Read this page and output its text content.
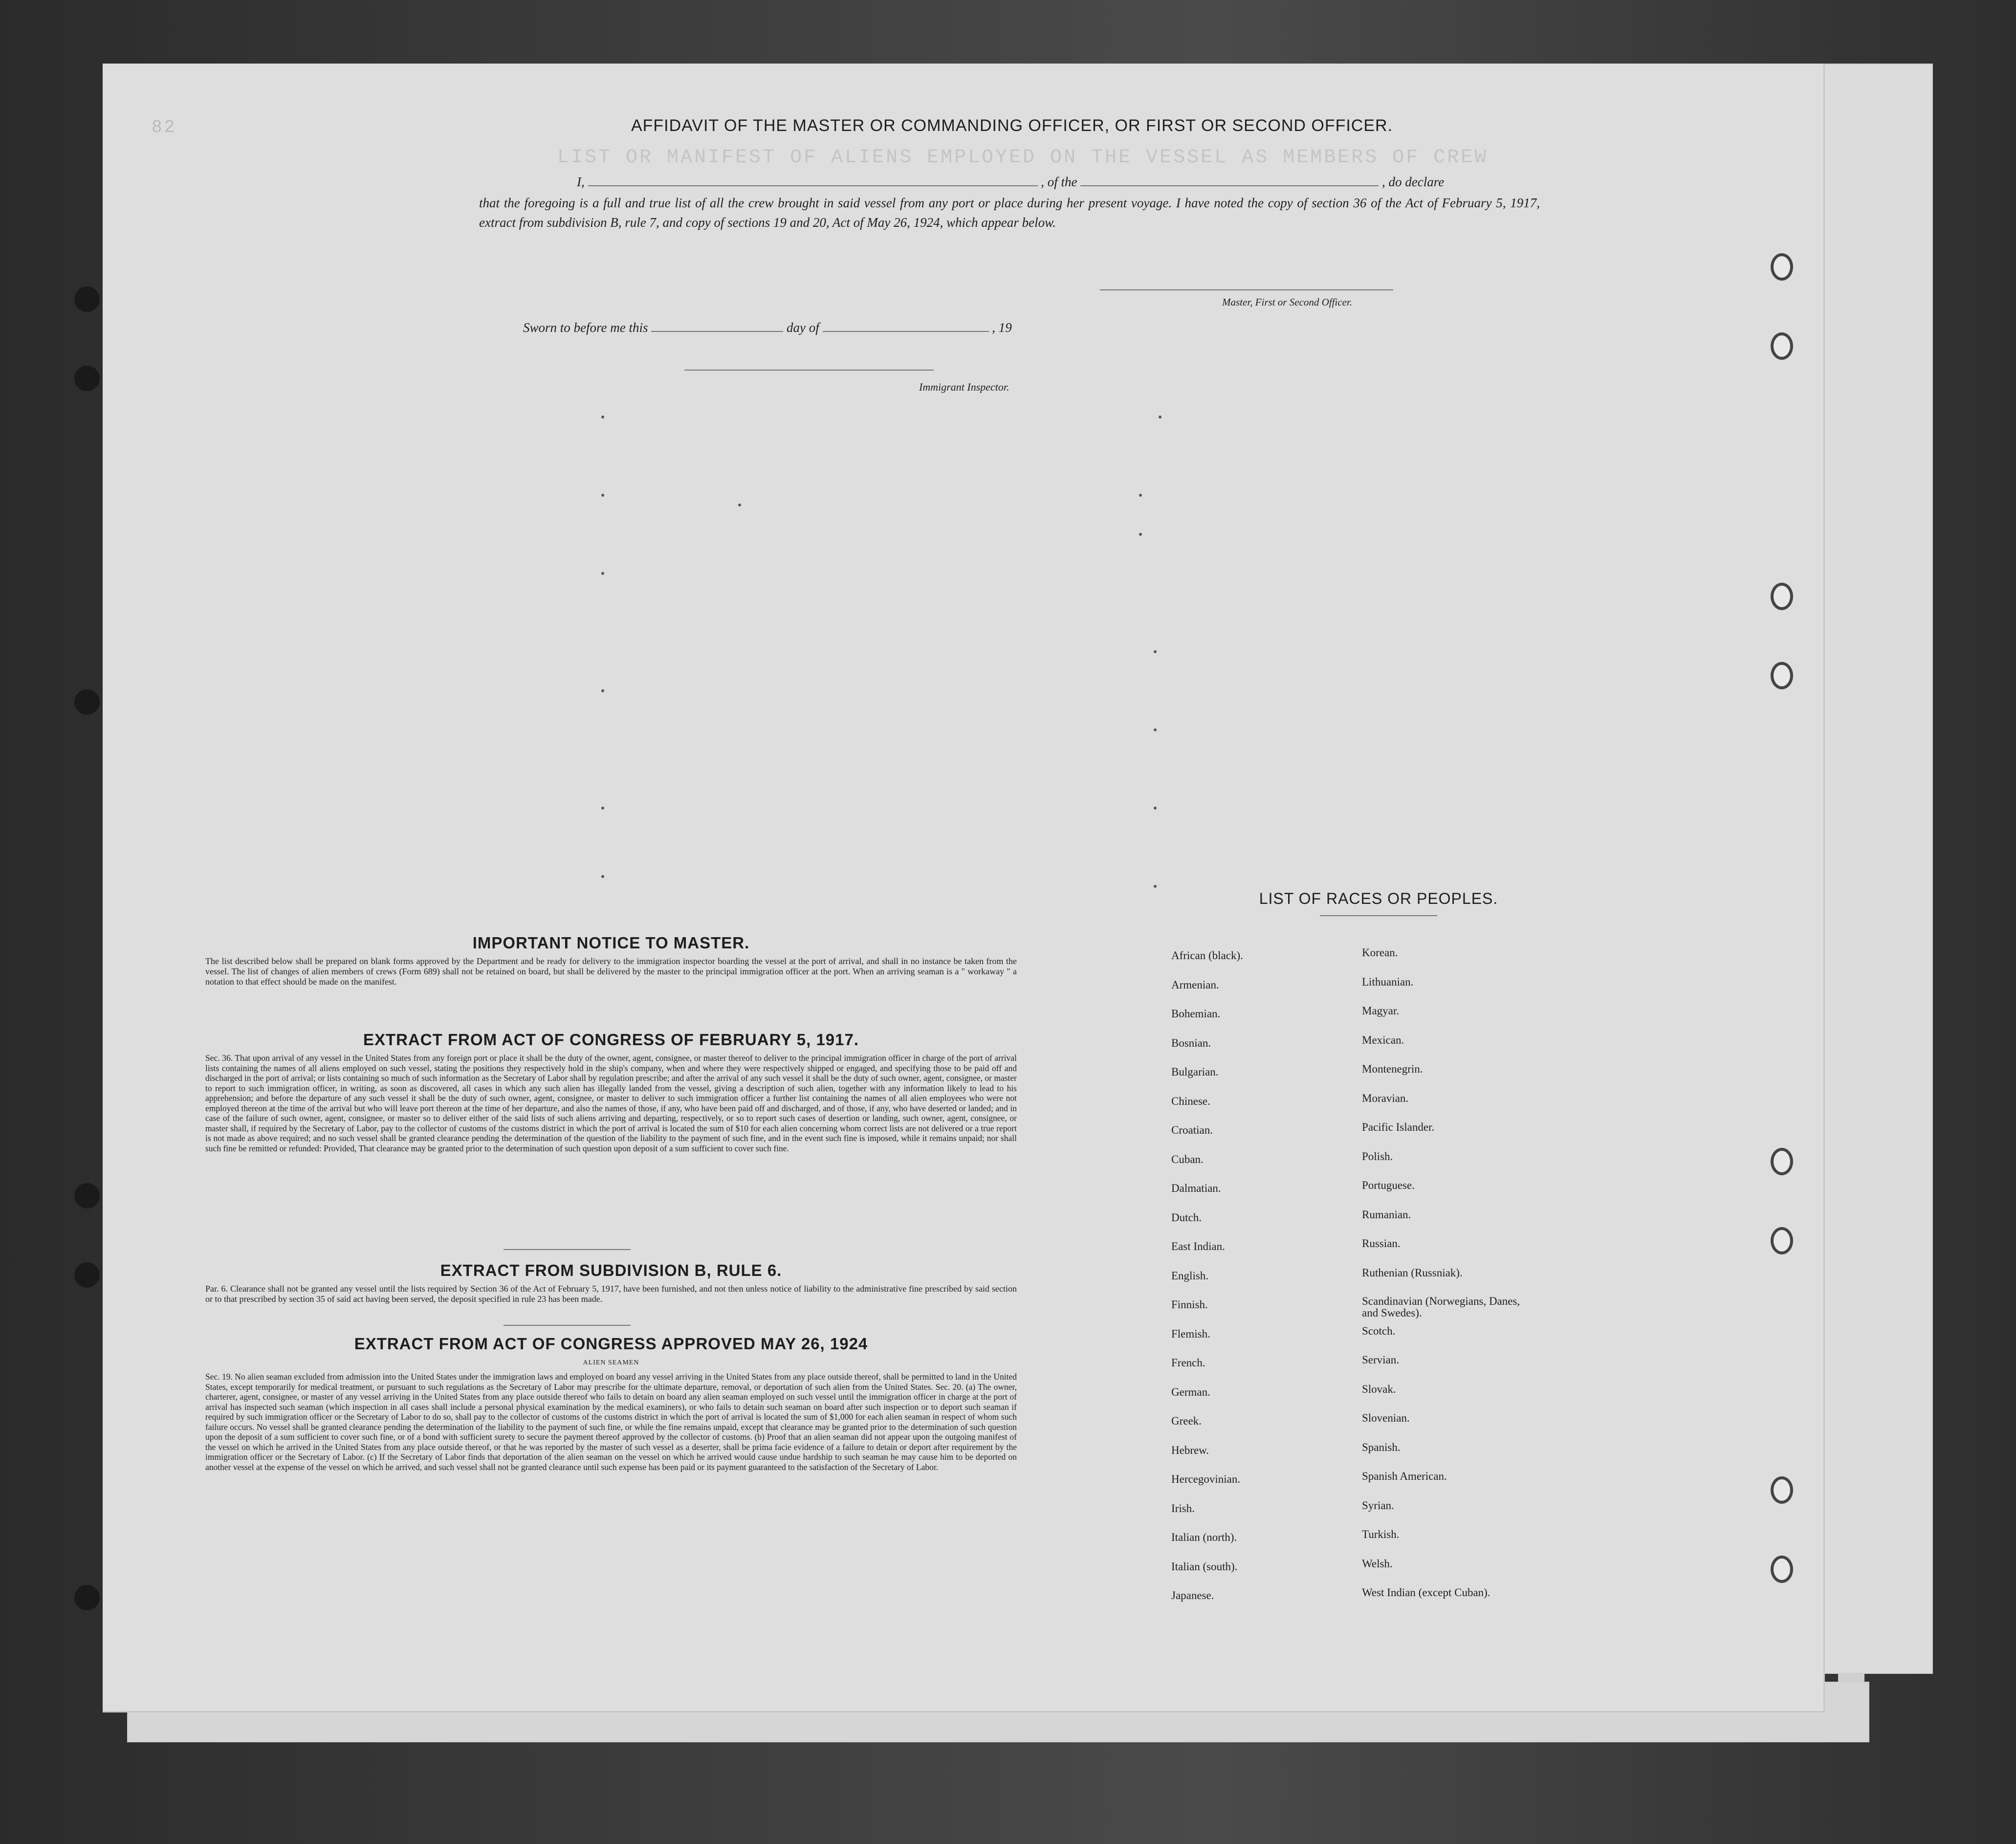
LIST OR MANIFEST OF ALIENS EMPLOYED ON THE VESSEL AS MEMBERS OF CREW
82	AFFIDAVIT OF THE MASTER OR COMMANDING OFFICER, OR FIRST OR SECOND OFFICER.
I,	, of the	, do declare
that the foregoing is a full and true list of all the crew brought in said vessel from any port or place during her present voyage. I have noted the copy of section 36 of the Act of February 5, 1917, extract from subdivision B, rule 7, and copy of sections 19 and 20, Act of May 26, 1924, which appear below.
Master, First or Second Officer.
Sworn to before me this	day of	, 19
Immigrant Inspector.
IMPORTANT NOTICE TO MASTER.
The list described below shall be prepared on blank forms approved by the Department and be ready for delivery to the immigration inspector boarding the vessel at the port of arrival, and shall in no instance be taken from the vessel. The list of changes of alien members of crews (Form 689) shall not be retained on board, but shall be delivered by the master to the principal immigration officer at the port. When an arriving seaman is a " workaway " a notation to that effect should be made on the manifest.
EXTRACT FROM ACT OF CONGRESS OF FEBRUARY 5, 1917.
Sec. 36. That upon arrival of any vessel in the United States from any foreign port or place it shall be the duty of the owner, agent, consignee, or master thereof to deliver to the principal immigration officer in charge of the port of arrival lists containing the names of all aliens employed on such vessel, stating the positions they respectively hold in the ship's company, when and where they were respectively shipped or engaged, and specifying those to be paid off and discharged in the port of arrival; or lists containing so much of such information as the Secretary of Labor shall by regulation prescribe; and after the arrival of any such vessel it shall be the duty of such owner, agent, consignee, or master to report to such immigration officer, in writing, as soon as discovered, all cases in which any such alien has illegally landed from the vessel, giving a description of such alien, together with any information likely to lead to his apprehension; and before the departure of any such vessel it shall be the duty of such owner, agent, consignee, or master to deliver to such immigration officer a further list containing the names of all alien employees who were not employed thereon at the time of the arrival but who will leave port thereon at the time of her departure, and also the names of those, if any, who have been paid off and discharged, and of those, if any, who have deserted or landed; and in case of the failure of such owner, agent, consignee, or master so to deliver either of the said lists of such aliens arriving and departing, respectively, or so to report such cases of desertion or landing, such owner, agent, consignee, or master shall, if required by the Secretary of Labor, pay to the collector of customs of the customs district in which the port of arrival is located the sum of $10 for each alien concerning whom correct lists are not delivered or a true report is not made as above required; and no such vessel shall be granted clearance pending the determination of the question of the liability to the payment of such fine, and in the event such fine is imposed, while it remains unpaid; nor shall such fine be remitted or refunded: Provided, That clearance may be granted prior to the determination of such question upon deposit of a sum sufficient to cover such fine.
EXTRACT FROM SUBDIVISION B, RULE 6.
Par. 6. Clearance shall not be granted any vessel until the lists required by Section 36 of the Act of February 5, 1917, have been furnished, and not then unless notice of liability to the administrative fine prescribed by said section or to that prescribed by section 35 of said act having been served, the deposit specified in rule 23 has been made.
EXTRACT FROM ACT OF CONGRESS APPROVED MAY 26, 1924
ALIEN SEAMEN
Sec. 19. No alien seaman excluded from admission into the United States under the immigration laws and employed on board any vessel arriving in the United States from any place outside thereof, shall be permitted to land in the United States, except temporarily for medical treatment, or pursuant to such regulations as the Secretary of Labor may prescribe for the ultimate departure, removal, or deportation of such alien from the United States. Sec. 20. (a) The owner, charterer, agent, consignee, or master of any vessel arriving in the United States from any place outside thereof who fails to detain on board any alien seaman employed on such vessel until the immigration officer in charge at the port of arrival has inspected such seaman (which inspection in all cases shall include a personal physical examination by the medical examiners), or who fails to detain such seaman on board after such inspection or to deport such seaman if required by such immigration officer or the Secretary of Labor to do so, shall pay to the collector of customs of the customs district in which the port of arrival is located the sum of $1,000 for each alien seaman in respect of whom such failure occurs. No vessel shall be granted clearance pending the determination of the liability to the payment of such fine, or while the fine remains unpaid, except that clearance may be granted prior to the determination of such question upon the deposit of a sum sufficient to cover such fine, or of a bond with sufficient surety to secure the payment thereof approved by the collector of customs. (b) Proof that an alien seaman did not appear upon the outgoing manifest of the vessel on which he arrived in the United States from any place outside thereof, or that he was reported by the master of such vessel as a deserter, shall be prima facie evidence of a failure to detain or deport after requirement by the immigration officer or the Secretary of Labor. (c) If the Secretary of Labor finds that deportation of the alien seaman on the vessel on which he arrived would cause undue hardship to such seaman he may cause him to be deported on another vessel at the expense of the vessel on which he arrived, and such vessel shall not be granted clearance until such expense has been paid or its payment guaranteed to the satisfaction of the Secretary of Labor.
LIST OF RACES OR PEOPLES.
African (black).
Armenian.
Bohemian.
Bosnian.
Bulgarian.
Chinese.
Croatian.
Cuban.
Dalmatian.
Dutch.
East Indian.
English.
Finnish.
Flemish.
French.
German.
Greek.
Hebrew.
Hercegovinian.
Irish.
Italian (north).
Italian (south).
Japanese.
Korean.
Lithuanian.
Magyar.
Mexican.
Montenegrin.
Moravian.
Pacific Islander.
Polish.
Portuguese.
Rumanian.
Russian.
Ruthenian (Russniak).
Scandinavian (Norwegians, Danes, and Swedes).
Scotch.
Servian.
Slovak.
Slovenian.
Spanish.
Spanish American.
Syrian.
Turkish.
Welsh.
West Indian (except Cuban).
